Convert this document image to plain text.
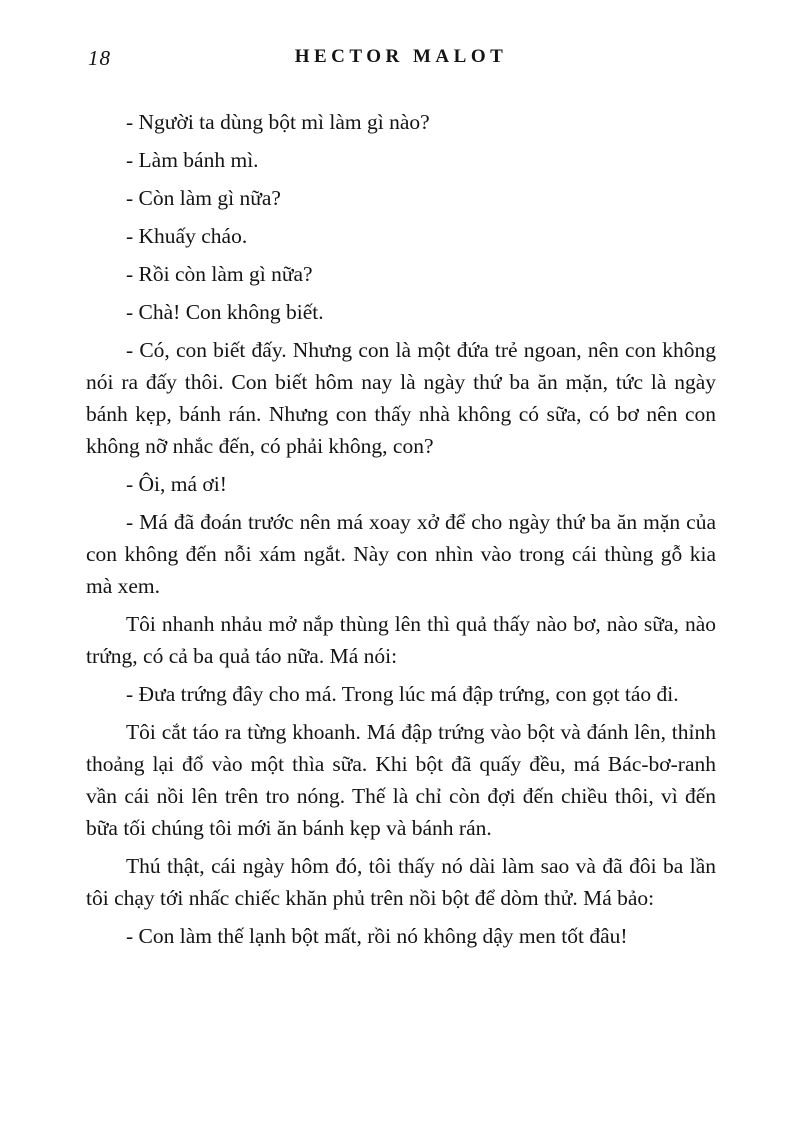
18	HECTOR MALOT

- Người ta dùng bột mì làm gì nào?

- Làm bánh mì.

- Còn làm gì nữa?

- Khuấy cháo.

- Rồi còn làm gì nữa?

- Chà! Con không biết.

- Có, con biết đấy. Nhưng con là một đứa trẻ ngoan, nên con không nói ra đấy thôi. Con biết hôm nay là ngày thứ ba ăn mặn, tức là ngày bánh kẹp, bánh rán. Nhưng con thấy nhà không có sữa, có bơ nên con không nỡ nhắc đến, có phải không, con?

- Ôi, má ơi!

- Má đã đoán trước nên má xoay xở để cho ngày thứ ba ăn mặn của con không đến nỗi xám ngắt. Này con nhìn vào trong cái thùng gỗ kia mà xem.

Tôi nhanh nhảu mở nắp thùng lên thì quả thấy nào bơ, nào sữa, nào trứng, có cả ba quả táo nữa. Má nói:

- Đưa trứng đây cho má. Trong lúc má đập trứng, con gọt táo đi.

Tôi cắt táo ra từng khoanh. Má đập trứng vào bột và đánh lên, thỉnh thoảng lại đổ vào một thìa sữa. Khi bột đã quấy đều, má Bác-bơ-ranh vần cái nồi lên trên tro nóng. Thế là chỉ còn đợi đến chiều thôi, vì đến bữa tối chúng tôi mới ăn bánh kẹp và bánh rán.

Thú thật, cái ngày hôm đó, tôi thấy nó dài làm sao và đã đôi ba lần tôi chạy tới nhấc chiếc khăn phủ trên nồi bột để dòm thử. Má bảo:

- Con làm thế lạnh bột mất, rồi nó không dậy men tốt đâu!
